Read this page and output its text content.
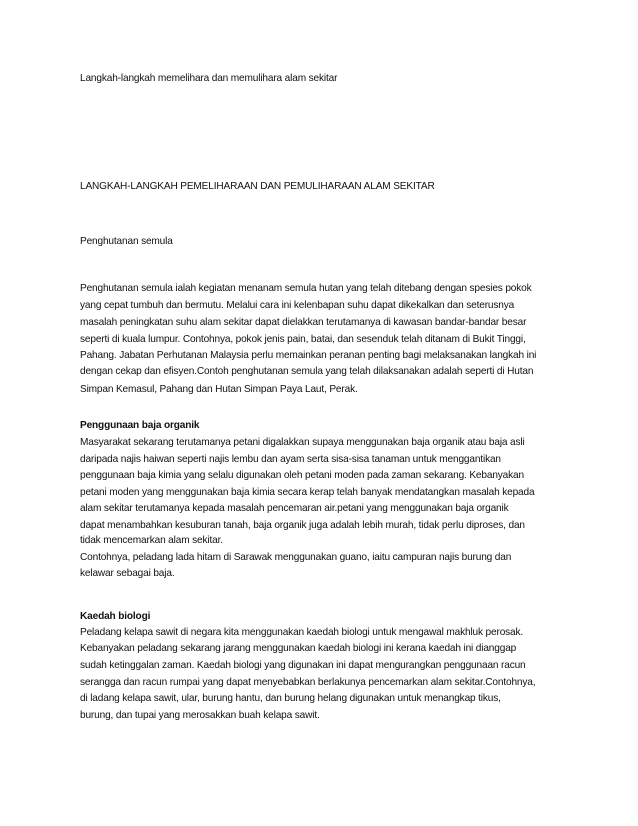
Langkah-langkah memelihara dan memulihara alam sekitar
LANGKAH-LANGKAH PEMELIHARAAN DAN PEMULIHARAAN ALAM SEKITAR
Penghutanan semula
Penghutanan semula ialah kegiatan menanam semula hutan yang telah ditebang dengan spesies pokok
yang cepat tumbuh dan bermutu. Melalui cara ini kelenbapan suhu dapat dikekalkan dan seterusnya
masalah peningkatan suhu alam sekitar dapat dielakkan terutamanya di kawasan bandar-bandar besar
seperti di kuala lumpur. Contohnya, pokok jenis pain, batai, dan sesenduk telah ditanam di Bukit Tinggi,
Pahang. Jabatan Perhutanan Malaysia perlu memainkan peranan penting bagi melaksanakan langkah ini
dengan cekap dan efisyen.Contoh penghutanan semula yang telah dilaksanakan adalah seperti di Hutan
Simpan Kemasul, Pahang dan Hutan Simpan Paya Laut, Perak.
Penggunaan baja organik
Masyarakat sekarang terutamanya petani digalakkan supaya menggunakan baja organik atau baja asli
daripada najis haiwan seperti najis lembu dan ayam serta sisa-sisa tanaman untuk menggantikan
penggunaan baja kimia yang selalu digunakan oleh petani moden pada zaman sekarang. Kebanyakan
petani moden yang menggunakan baja kimia secara kerap telah banyak mendatangkan masalah kepada
alam sekitar terutamanya kepada masalah pencemaran air.petani yang menggunakan baja organik
dapat menambahkan kesuburan tanah, baja organik juga adalah lebih murah, tidak perlu diproses, dan
tidak mencemarkan alam sekitar.
Contohnya, peladang lada hitam di Sarawak menggunakan guano, iaitu campuran najis burung dan
kelawar sebagai baja.
Kaedah biologi
Peladang kelapa sawit di negara kita menggunakan kaedah biologi untuk mengawal makhluk perosak.
Kebanyakan peladang sekarang jarang menggunakan kaedah biologi ini kerana kaedah ini dianggap
sudah ketinggalan zaman. Kaedah biologi yang digunakan ini dapat mengurangkan penggunaan racun
serangga dan racun rumpai yang dapat menyebabkan berlakunya pencemarkan alam sekitar.Contohnya,
di ladang kelapa sawit, ular, burung hantu, dan burung helang digunakan untuk menangkap tikus,
burung, dan tupai yang merosakkan buah kelapa sawit.
